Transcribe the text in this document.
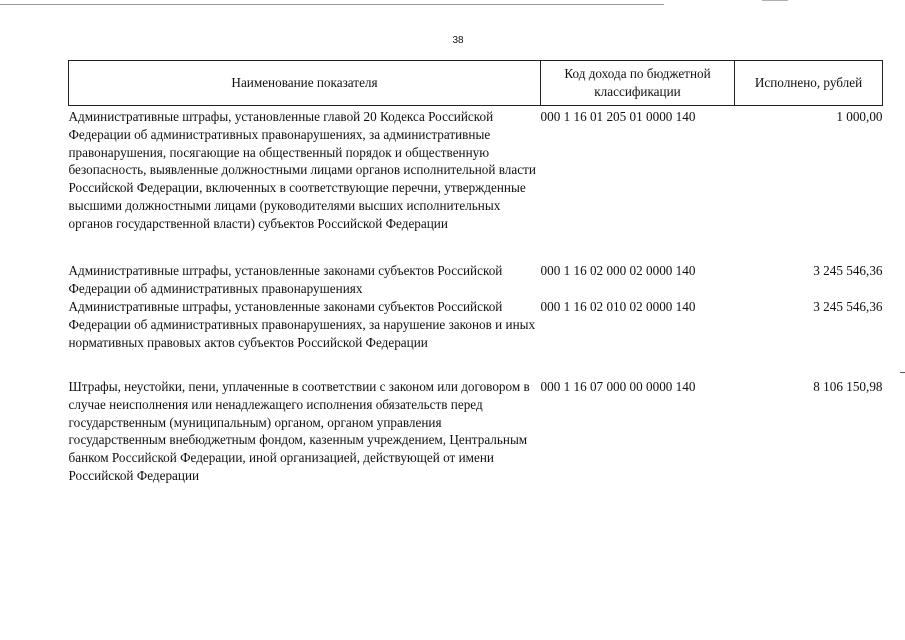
38
Наименование показателя	Код дохода по бюджетной классификации	Исполнено, рублей
Административные штрафы, установленные главой 20 Кодекса Российской Федерации об административных правонарушениях, за административные правонарушения, посягающие на общественный порядок и общественную безопасность, выявленные должностными лицами органов исполнительной власти Российской Федерации, включенных в соответствующие перечни, утвержденные высшими должностными лицами (руководителями высших исполнительных органов государственной власти) субъектов Российской Федерации	000 1 16 01 205 01 0000 140	1 000,00
Административные штрафы, установленные законами субъектов Российской Федерации об административных правонарушениях	000 1 16 02 000 02 0000 140	3 245 546,36
Административные штрафы, установленные законами субъектов Российской Федерации об административных правонарушениях, за нарушение законов и иных нормативных правовых актов субъектов Российской Федерации	000 1 16 02 010 02 0000 140	3 245 546,36
Штрафы, неустойки, пени, уплаченные в соответствии с законом или договором в случае неисполнения или ненадлежащего исполнения обязательств перед государственным (муниципальным) органом, органом управления государственным внебюджетным фондом, казенным учреждением, Центральным банком Российской Федерации, иной организацией, действующей от имени Российской Федерации	000 1 16 07 000 00 0000 140	8 106 150,98
